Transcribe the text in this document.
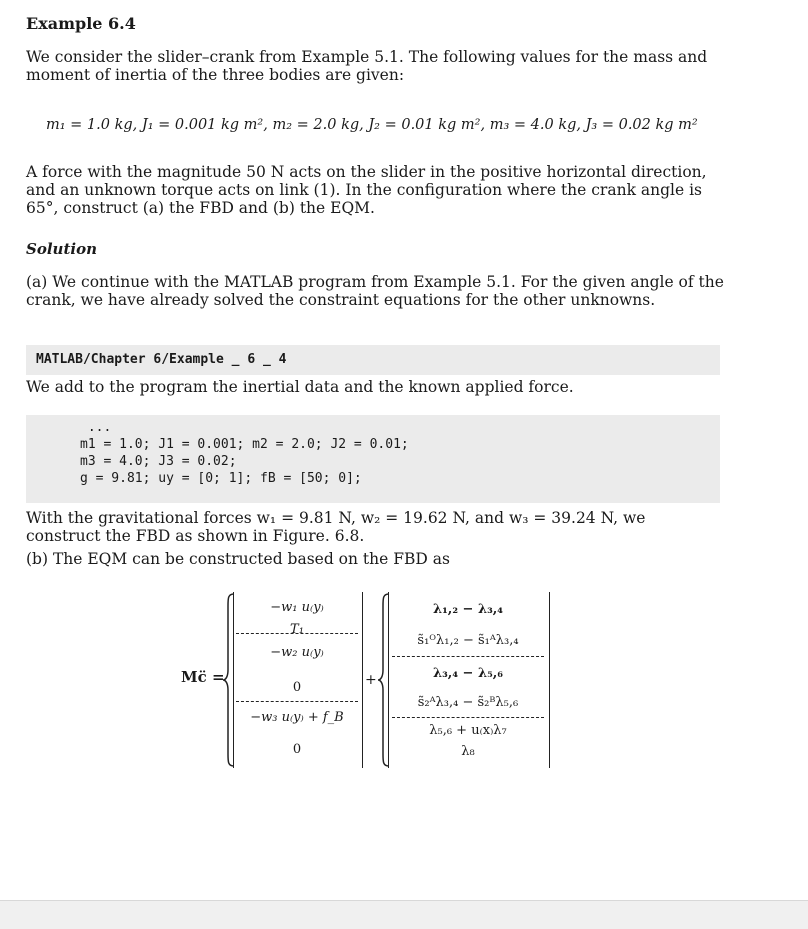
Example 6.4
We consider the slider–crank from Example 5.1. The following values for the mass and moment of inertia of the three bodies are given:
m₁ = 1.0 kg, J₁ = 0.001 kg m², m₂ = 2.0 kg, J₂ = 0.01 kg m², m₃ = 4.0 kg, J₃ = 0.02 kg m²
A force with the magnitude 50 N acts on the slider in the positive horizontal direction, and an unknown torque acts on link (1). In the configuration where the crank angle is 65°, construct (a) the FBD and (b) the EQM.
Solution
(a) We continue with the MATLAB program from Example 5.1. For the given angle of the crank, we have already solved the constraint equations for the other unknowns.
MATLAB/Chapter 6/Example _ 6 _ 4
We add to the program the inertial data and the known applied force.
...
m1 = 1.0; J1 = 0.001; m2 = 2.0; J2 = 0.01;
m3 = 4.0; J3 = 0.02;
g = 9.81; uy = [0; 1]; fB = [50; 0];
With the gravitational forces w₁ = 9.81 N, w₂ = 19.62 N, and w₃ = 39.24 N, we construct the FBD as shown in Figure. 6.8.
(b) The EQM can be constructed based on the FBD as
Mc̈ =
−w₁ u₍y₎
T₁
−w₂ u₍y₎
0
−w₃ u₍y₎ + f_B
0
+
λ₁,₂ − λ₃,₄
s̃₁ᴼλ₁,₂ − s̃₁ᴬλ₃,₄
λ₃,₄ − λ₅,₆
s̃₂ᴬλ₃,₄ − s̃₂ᴮλ₅,₆
λ₅,₆ + u₍x₎λ₇
λ₈
